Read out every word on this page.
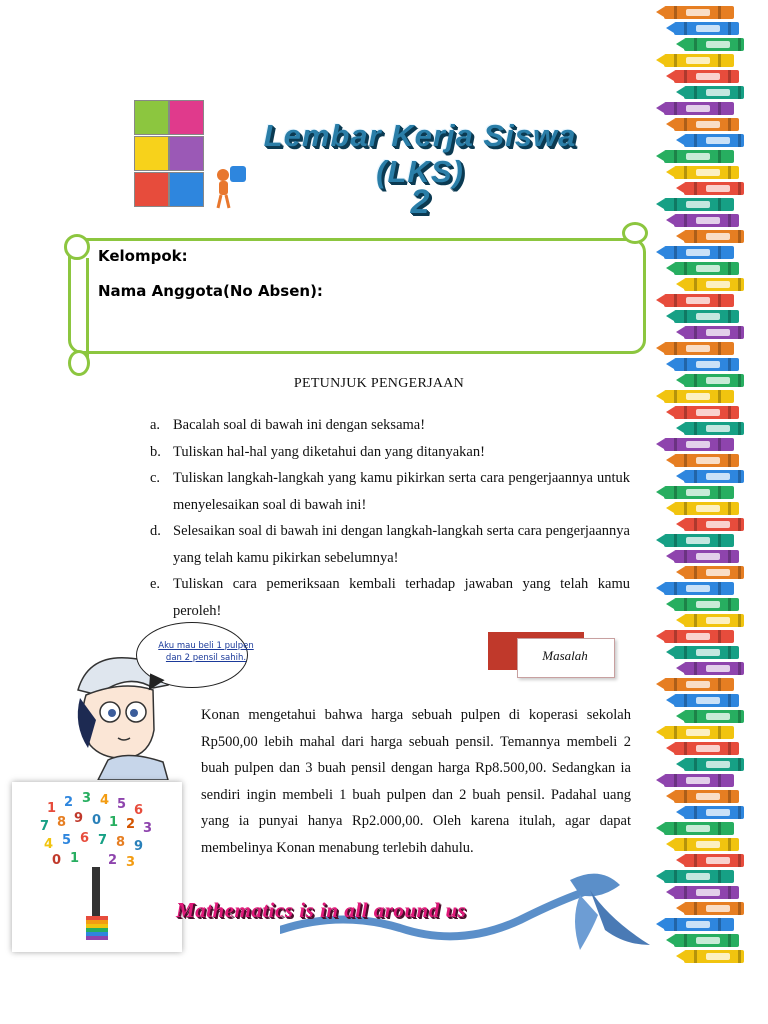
Lembar Kerja Siswa (LKS)
2
Kelompok:
Nama Anggota(No Absen):
PETUNJUK PENGERJAAN
a. Bacalah soal di bawah ini dengan seksama!
b. Tuliskan hal-hal yang diketahui dan yang ditanyakan!
c. Tuliskan langkah-langkah yang kamu pikirkan serta cara pengerjaannya untuk menyelesaikan soal di bawah ini!
d. Selesaikan soal di bawah ini dengan langkah-langkah serta cara pengerjaannya yang telah kamu pikirkan sebelumnya!
e. Tuliskan cara pemeriksaan kembali terhadap jawaban yang telah kamu peroleh!
Aku mau beli 1 pulpen dan 2 pensil sahih.	Masalah

Konan mengetahui bahwa harga sebuah pulpen di koperasi sekolah Rp500,00 lebih mahal dari harga sebuah pensil. Temannya membeli 2 buah pulpen dan 3 buah pensil dengan harga Rp8.500,00. Sedangkan ia sendiri ingin membeli 1 buah pulpen dan 2 buah pensil. Padahal uang yang ia punyai hanya Rp2.000,00. Oleh karena itulah, agar dapat membelinya Konan menabung terlebih dahulu.

1 2 3 4 5 6
7 8 9 0 1 2 3
4 5 6 7 8 9
0 1 2 3
Mathematics is in all around us
